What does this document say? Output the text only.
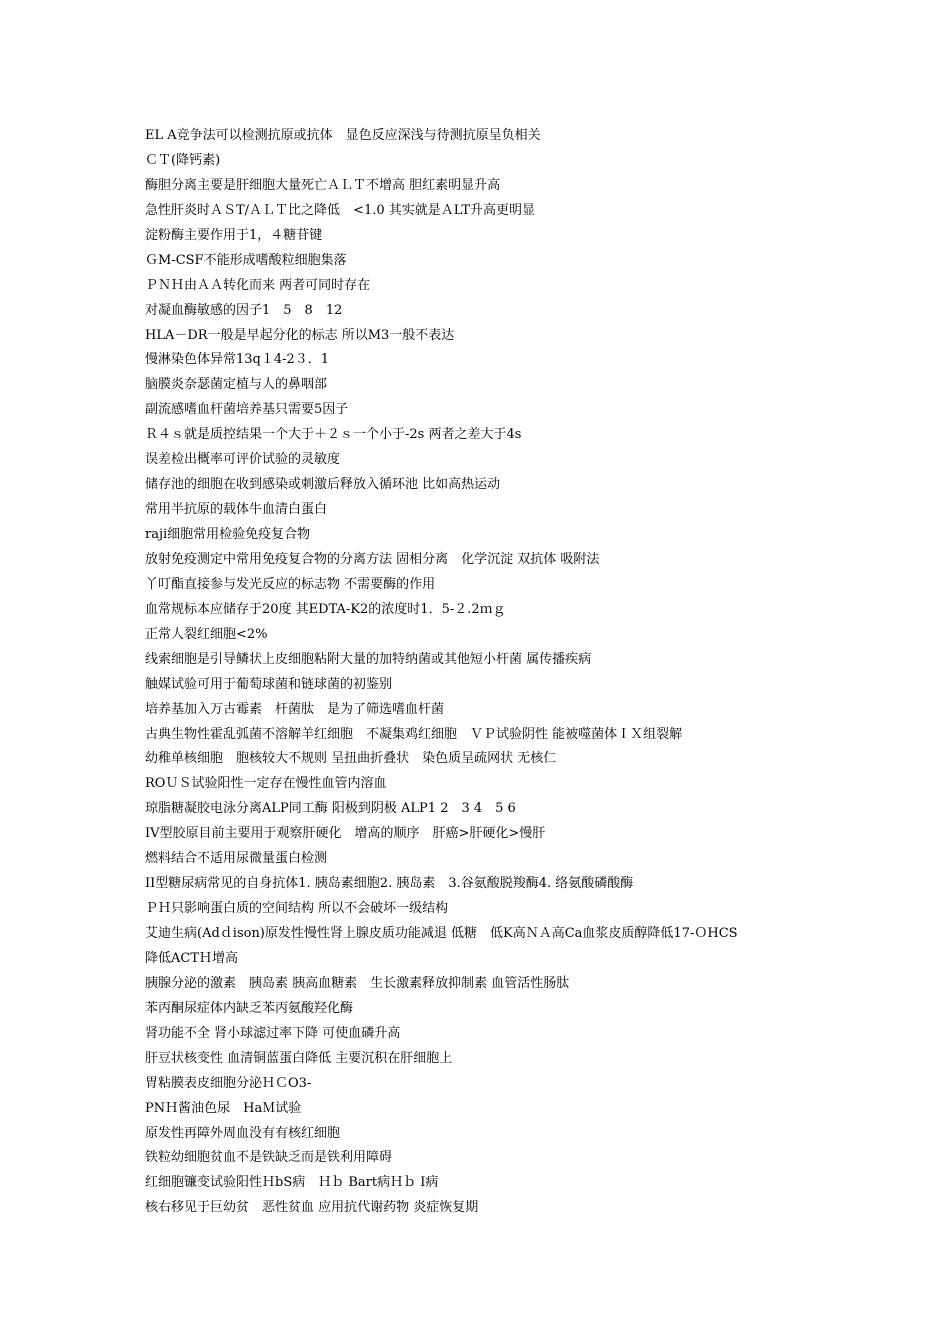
EL A竞争法可以检测抗原或抗体　显色反应深浅与待测抗原呈负相关
ＣＴ(降钙素)
酶胆分离主要是肝细胞大量死亡ＡＬＴ不增高 胆红素明显升高
急性肝炎时ＡＳT/ＡＬＴ比之降低　<1.0 其实就是ＡLT升高更明显
淀粉酶主要作用于1，４糖苷键
ＧM-CSF不能形成嗜酸粒细胞集落
ＰＮＨ由ＡＡ转化而来 两者可同时存在
对凝血酶敏感的因子1　5　8　12
HLA－DR一般是早起分化的标志 所以M3一般不表达
慢淋染色体异常13q１4-2３．1
脑膜炎奈瑟菌定植与人的鼻咽部
副流感嗜血杆菌培养基只需要5因子
Ｒ４ｓ就是质控结果一个大于＋２ｓ一个小于-2s 两者之差大于4s
误差检出概率可评价试验的灵敏度
储存池的细胞在收到感染或刺激后释放入循环池 比如高热运动
常用半抗原的载体牛血清白蛋白
raji细胞常用检验免疫复合物
放射免疫测定中常用免疫复合物的分离方法 固相分离　化学沉淀 双抗体 吸附法
丫叮酯直接参与发光反应的标志物 不需要酶的作用
血常规标本应储存于20度 其EDTA-K2的浓度时1．5-２.2ｍｇ
正常人裂红细胞<2%
线索细胞是引导鳞状上皮细胞粘附大量的加特纳菌或其他短小杆菌 属传播疾病
触媒试验可用于葡萄球菌和链球菌的初鉴别
培养基加入万古霉素　杆菌肽　是为了筛选嗜血杆菌
古典生物性霍乱弧菌不溶解羊红细胞　不凝集鸡红细胞　ＶＰ试验阴性 能被噬菌体ＩＸ组裂解
幼稚单核细胞　胞核较大不规则 呈扭曲折叠状　染色质呈疏网状 无核仁
ROＵＳ试验阳性一定存在慢性血管内溶血
琼脂糖凝胶电泳分离ALP同工酶 阳极到阴极 ALP1 2　3 4　5 6
IV型胶原目前主要用于观察肝硬化　增高的顺序　肝癌>肝硬化>慢肝
燃料结合不适用尿微量蛋白检测
II型糖尿病常见的自身抗体1. 胰岛素细胞2. 胰岛素　3.谷氨酸脱羧酶4. 络氨酸磷酸酶
ＰＨ只影响蛋白质的空间结构 所以不会破坏一级结构
艾迪生病(Adｄison)原发性慢性肾上腺皮质功能减退 低糖　低K高ＮＡ高Ca血浆皮质醇降低17-ＯHCS
降低ACTＨ增高
胰腺分泌的激素　胰岛素 胰高血糖素　生长激素释放抑制素 血管活性肠肽
苯丙酮尿症体内缺乏苯丙氨酸羟化酶
肾功能不全 肾小球滤过率下降 可使血磷升高
肝豆状核变性 血清铜蓝蛋白降低 主要沉积在肝细胞上
胃粘膜表皮细胞分泌ＨＣO3-
PNＨ酱油色尿　HaＭ试验
原发性再障外周血没有有核红细胞
铁粒幼细胞贫血不是铁缺乏而是铁利用障碍
红细胞镰变试验阳性ＨbS病　Ｈｂ Bart病Ｈｂ I病
核右移见于巨幼贫　恶性贫血 应用抗代谢药物 炎症恢复期
